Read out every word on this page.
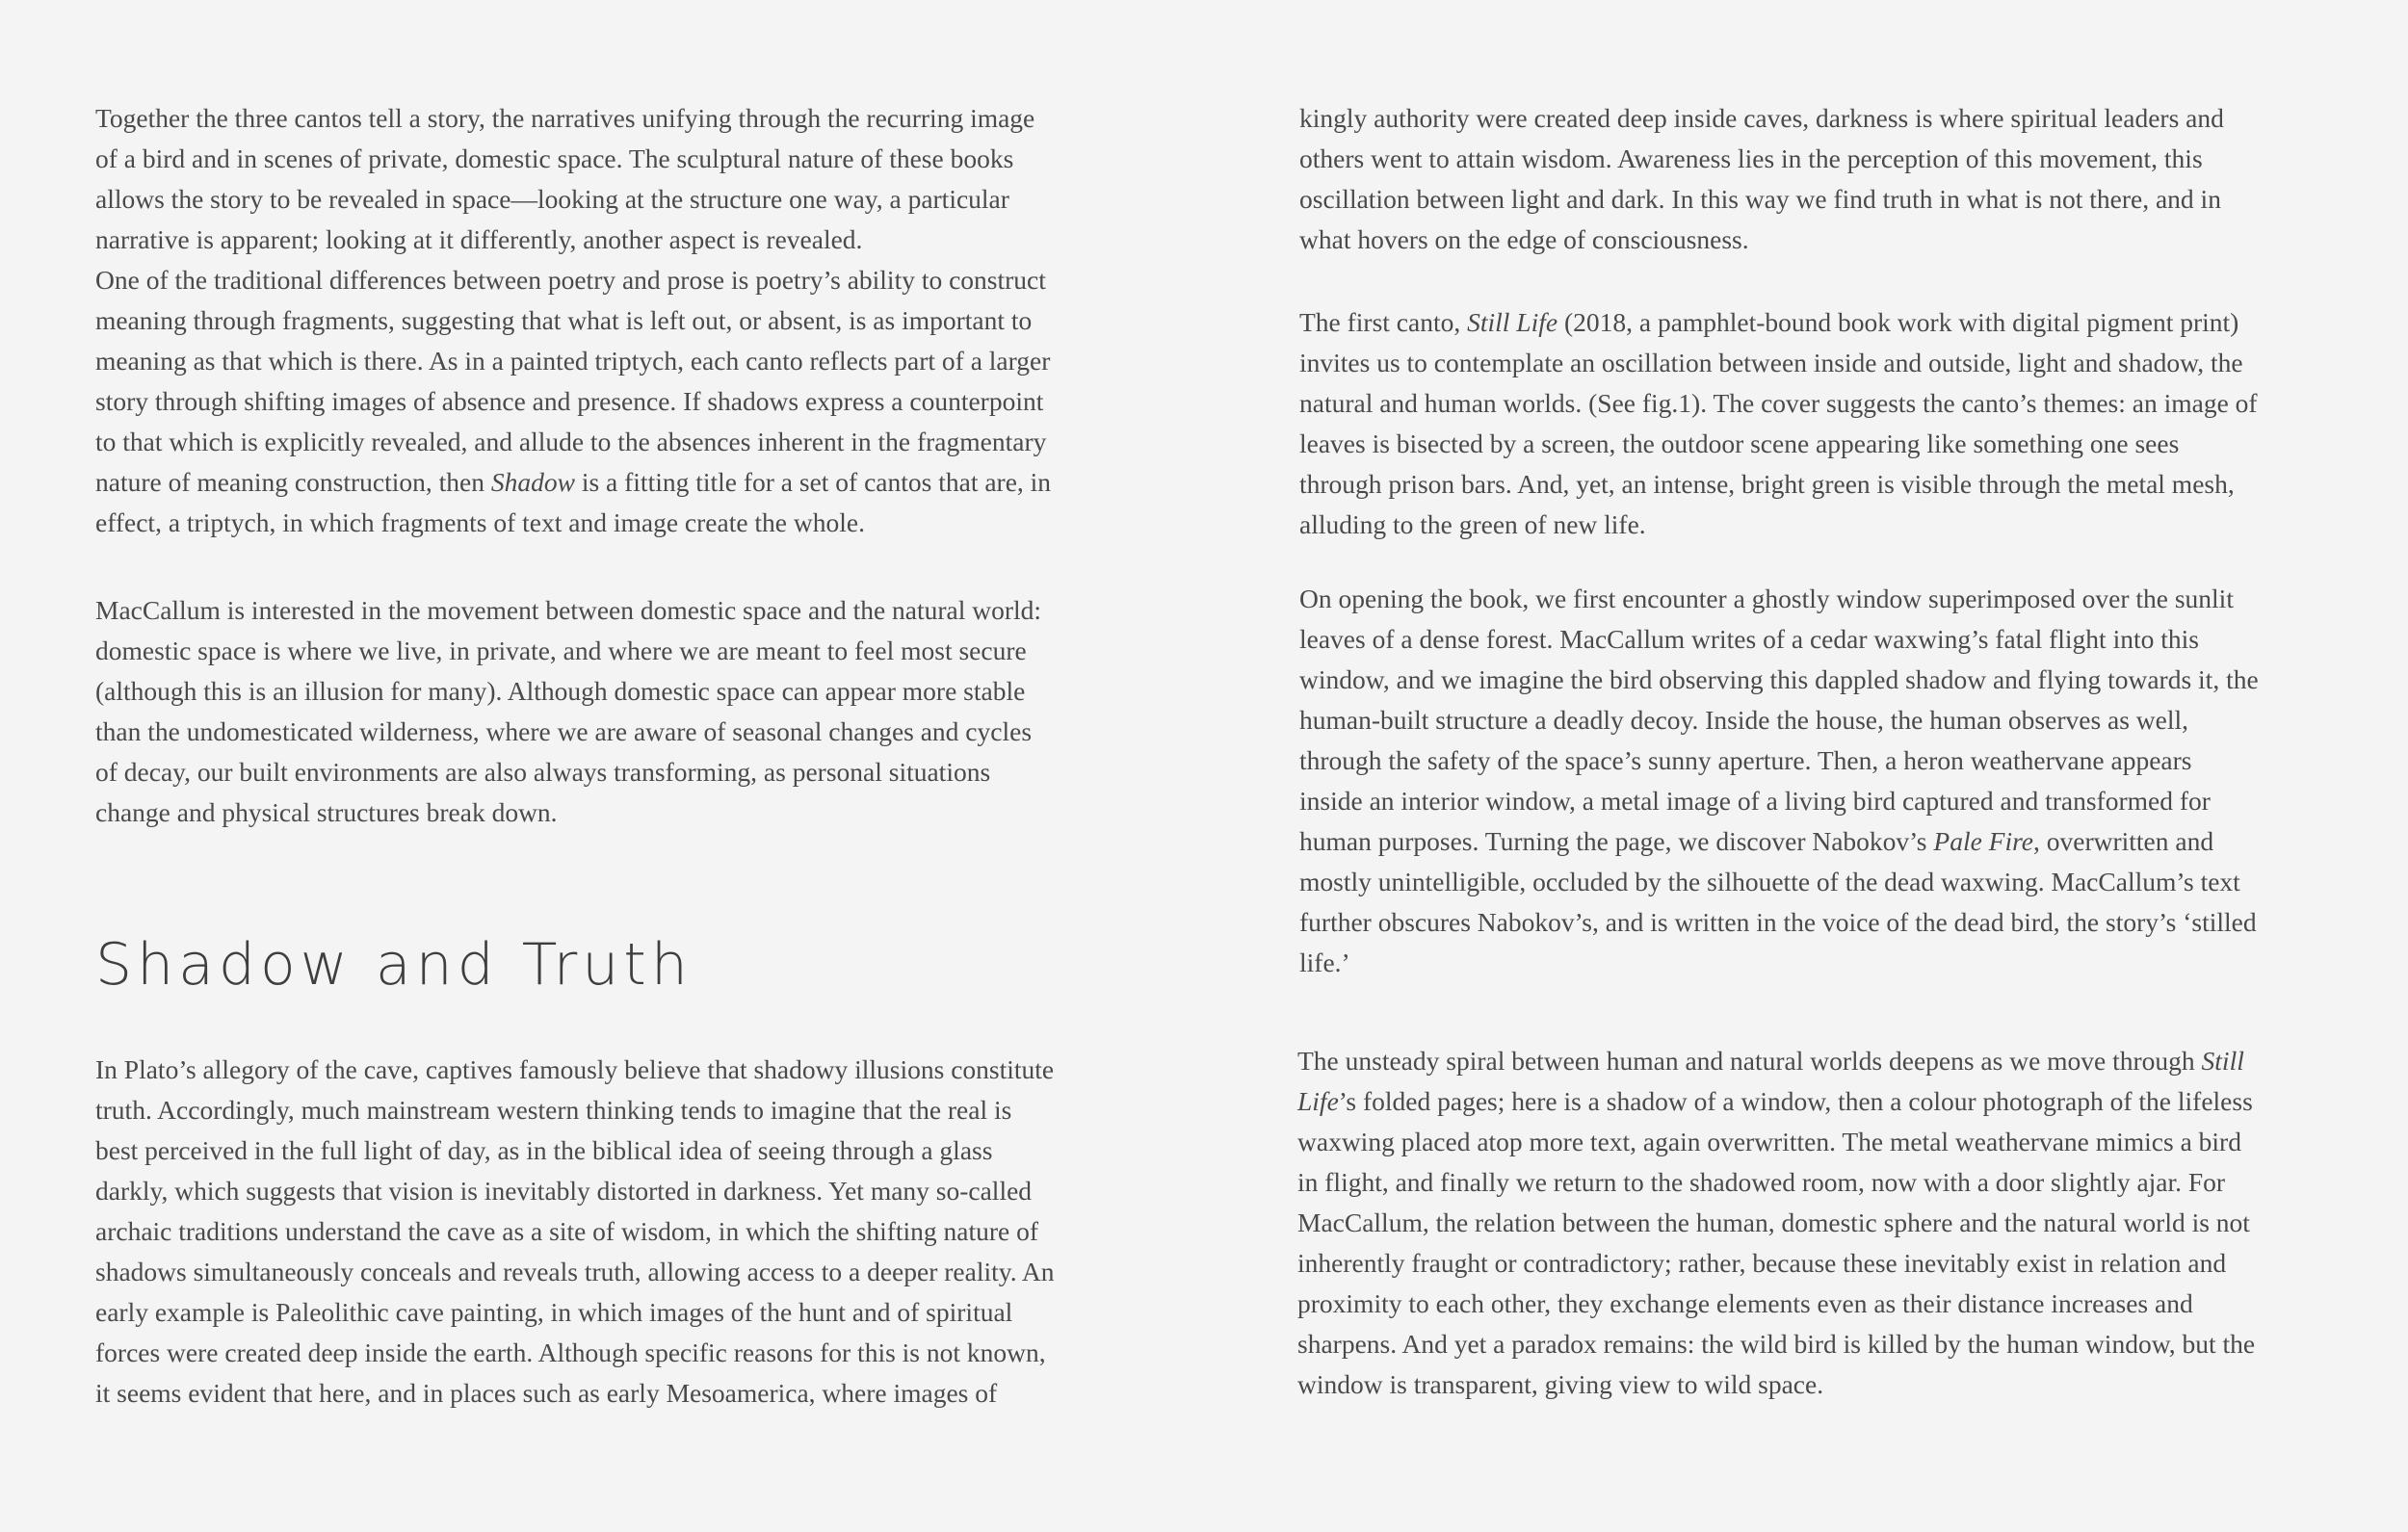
Together the three cantos tell a story, the narratives unifying through the recurring image
of a bird and in scenes of private, domestic space. The sculptural nature of these books
allows the story to be revealed in space—looking at the structure one way, a particular
narrative is apparent; looking at it differently, another aspect is revealed.

One of the traditional differences between poetry and prose is poetry’s ability to construct
meaning through fragments, suggesting that what is left out, or absent, is as important to
meaning as that which is there. As in a painted triptych, each canto reflects part of a larger
story through shifting images of absence and presence. If shadows express a counterpoint
to that which is explicitly revealed, and allude to the absences inherent in the fragmentary
nature of meaning construction, then Shadow is a fitting title for a set of cantos that are, in
effect, a triptych, in which fragments of text and image create the whole.

MacCallum is interested in the movement between domestic space and the natural world:
domestic space is where we live, in private, and where we are meant to feel most secure
(although this is an illusion for many). Although domestic space can appear more stable
than the undomesticated wilderness, where we are aware of seasonal changes and cycles
of decay, our built environments are also always transforming, as personal situations
change and physical structures break down.

Shadow and Truth

In Plato’s allegory of the cave, captives famously believe that shadowy illusions constitute
truth. Accordingly, much mainstream western thinking tends to imagine that the real is
best perceived in the full light of day, as in the biblical idea of seeing through a glass
darkly, which suggests that vision is inevitably distorted in darkness. Yet many so-called
archaic traditions understand the cave as a site of wisdom, in which the shifting nature of
shadows simultaneously conceals and reveals truth, allowing access to a deeper reality. An
early example is Paleolithic cave painting, in which images of the hunt and of spiritual
forces were created deep inside the earth. Although specific reasons for this is not known,
it seems evident that here, and in places such as early Mesoamerica, where images of

kingly authority were created deep inside caves, darkness is where spiritual leaders and
others went to attain wisdom. Awareness lies in the perception of this movement, this
oscillation between light and dark. In this way we find truth in what is not there, and in
what hovers on the edge of consciousness.

The first canto, Still Life (2018, a pamphlet-bound book work with digital pigment print)
invites us to contemplate an oscillation between inside and outside, light and shadow, the
natural and human worlds. (See fig.1). The cover suggests the canto’s themes: an image of
leaves is bisected by a screen, the outdoor scene appearing like something one sees
through prison bars. And, yet, an intense, bright green is visible through the metal mesh,
alluding to the green of new life.

On opening the book, we first encounter a ghostly window superimposed over the sunlit
leaves of a dense forest. MacCallum writes of a cedar waxwing’s fatal flight into this
window, and we imagine the bird observing this dappled shadow and flying towards it, the
human-built structure a deadly decoy. Inside the house, the human observes as well,
through the safety of the space’s sunny aperture. Then, a heron weathervane appears
inside an interior window, a metal image of a living bird captured and transformed for
human purposes. Turning the page, we discover Nabokov’s Pale Fire, overwritten and
mostly unintelligible, occluded by the silhouette of the dead waxwing. MacCallum’s text
further obscures Nabokov’s, and is written in the voice of the dead bird, the story’s ‘stilled
life.’

The unsteady spiral between human and natural worlds deepens as we move through Still
Life’s folded pages; here is a shadow of a window, then a colour photograph of the lifeless
waxwing placed atop more text, again overwritten. The metal weathervane mimics a bird
in flight, and finally we return to the shadowed room, now with a door slightly ajar. For
MacCallum, the relation between the human, domestic sphere and the natural world is not
inherently fraught or contradictory; rather, because these inevitably exist in relation and
proximity to each other, they exchange elements even as their distance increases and
sharpens. And yet a paradox remains: the wild bird is killed by the human window, but the
window is transparent, giving view to wild space.
